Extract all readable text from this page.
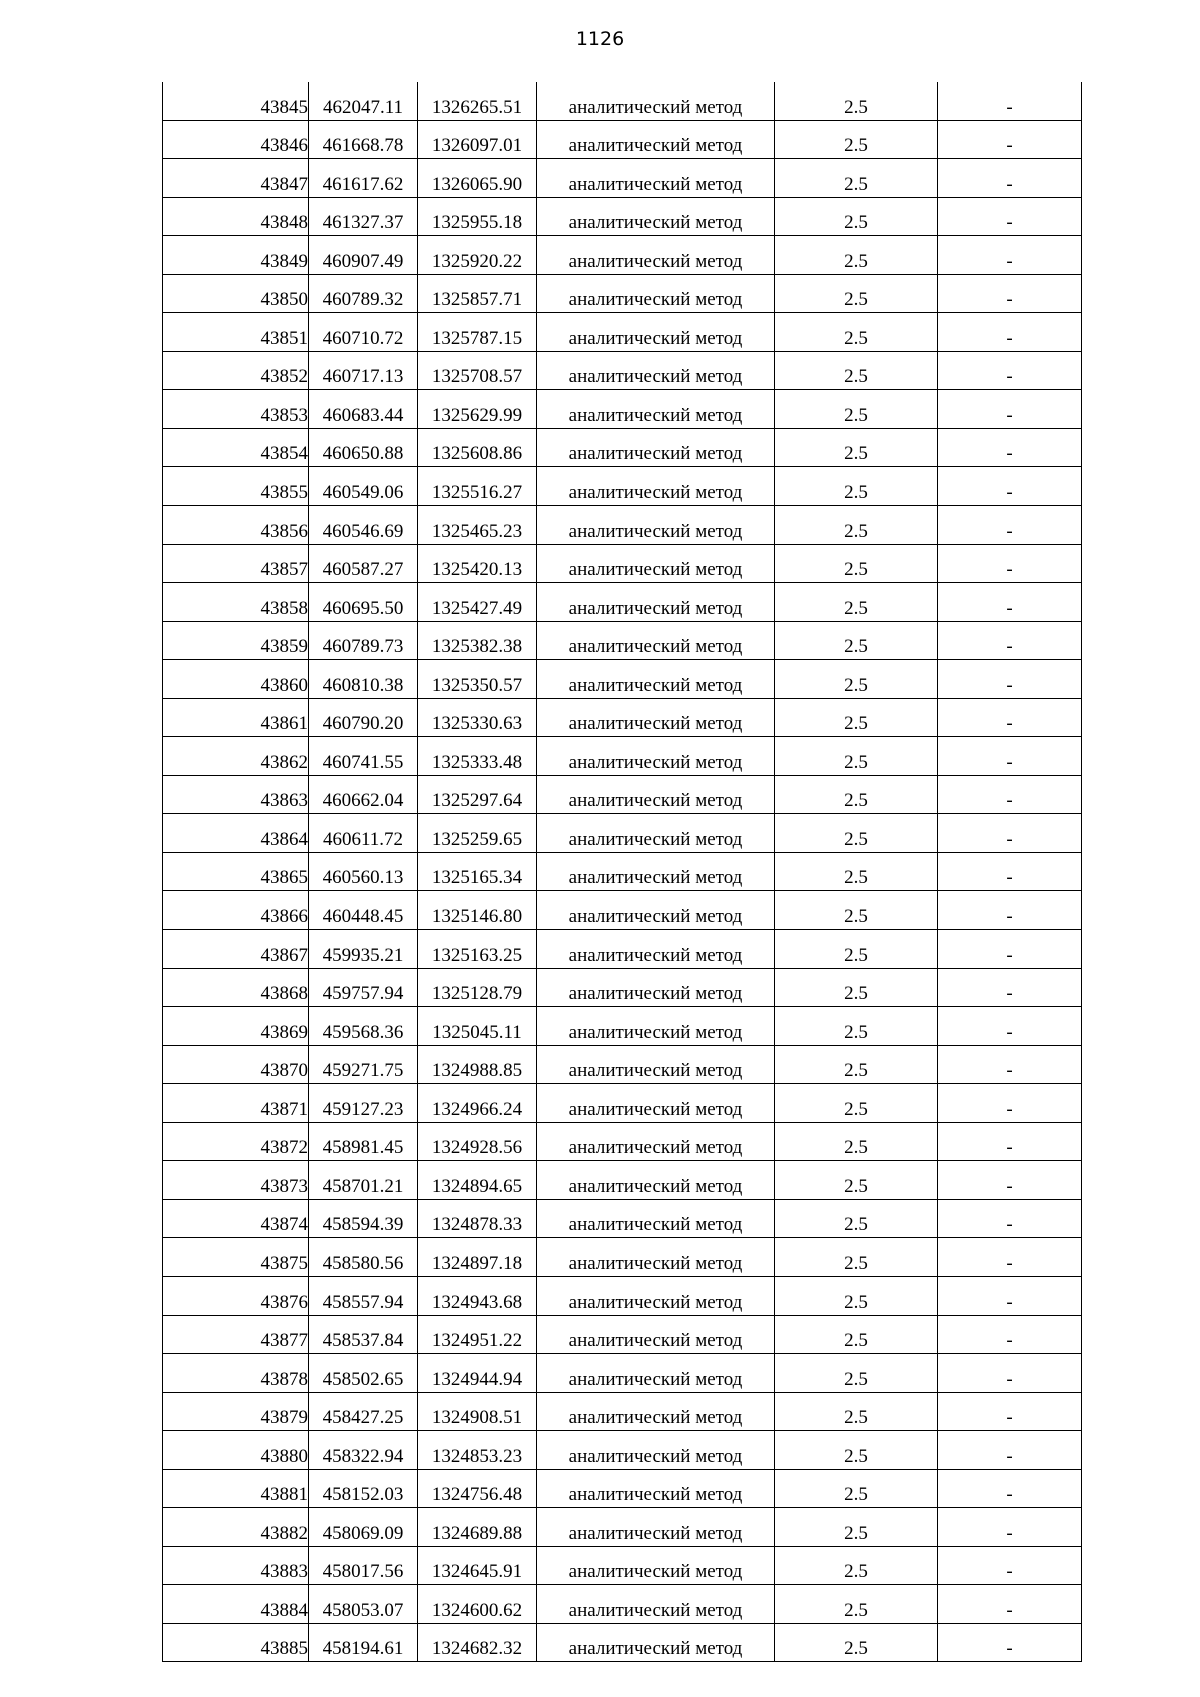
1126
43845	462047.11	1326265.51	аналитический метод	2.5	-
43846	461668.78	1326097.01	аналитический метод	2.5	-
43847	461617.62	1326065.90	аналитический метод	2.5	-
43848	461327.37	1325955.18	аналитический метод	2.5	-
43849	460907.49	1325920.22	аналитический метод	2.5	-
43850	460789.32	1325857.71	аналитический метод	2.5	-
43851	460710.72	1325787.15	аналитический метод	2.5	-
43852	460717.13	1325708.57	аналитический метод	2.5	-
43853	460683.44	1325629.99	аналитический метод	2.5	-
43854	460650.88	1325608.86	аналитический метод	2.5	-
43855	460549.06	1325516.27	аналитический метод	2.5	-
43856	460546.69	1325465.23	аналитический метод	2.5	-
43857	460587.27	1325420.13	аналитический метод	2.5	-
43858	460695.50	1325427.49	аналитический метод	2.5	-
43859	460789.73	1325382.38	аналитический метод	2.5	-
43860	460810.38	1325350.57	аналитический метод	2.5	-
43861	460790.20	1325330.63	аналитический метод	2.5	-
43862	460741.55	1325333.48	аналитический метод	2.5	-
43863	460662.04	1325297.64	аналитический метод	2.5	-
43864	460611.72	1325259.65	аналитический метод	2.5	-
43865	460560.13	1325165.34	аналитический метод	2.5	-
43866	460448.45	1325146.80	аналитический метод	2.5	-
43867	459935.21	1325163.25	аналитический метод	2.5	-
43868	459757.94	1325128.79	аналитический метод	2.5	-
43869	459568.36	1325045.11	аналитический метод	2.5	-
43870	459271.75	1324988.85	аналитический метод	2.5	-
43871	459127.23	1324966.24	аналитический метод	2.5	-
43872	458981.45	1324928.56	аналитический метод	2.5	-
43873	458701.21	1324894.65	аналитический метод	2.5	-
43874	458594.39	1324878.33	аналитический метод	2.5	-
43875	458580.56	1324897.18	аналитический метод	2.5	-
43876	458557.94	1324943.68	аналитический метод	2.5	-
43877	458537.84	1324951.22	аналитический метод	2.5	-
43878	458502.65	1324944.94	аналитический метод	2.5	-
43879	458427.25	1324908.51	аналитический метод	2.5	-
43880	458322.94	1324853.23	аналитический метод	2.5	-
43881	458152.03	1324756.48	аналитический метод	2.5	-
43882	458069.09	1324689.88	аналитический метод	2.5	-
43883	458017.56	1324645.91	аналитический метод	2.5	-
43884	458053.07	1324600.62	аналитический метод	2.5	-
43885	458194.61	1324682.32	аналитический метод	2.5	-
